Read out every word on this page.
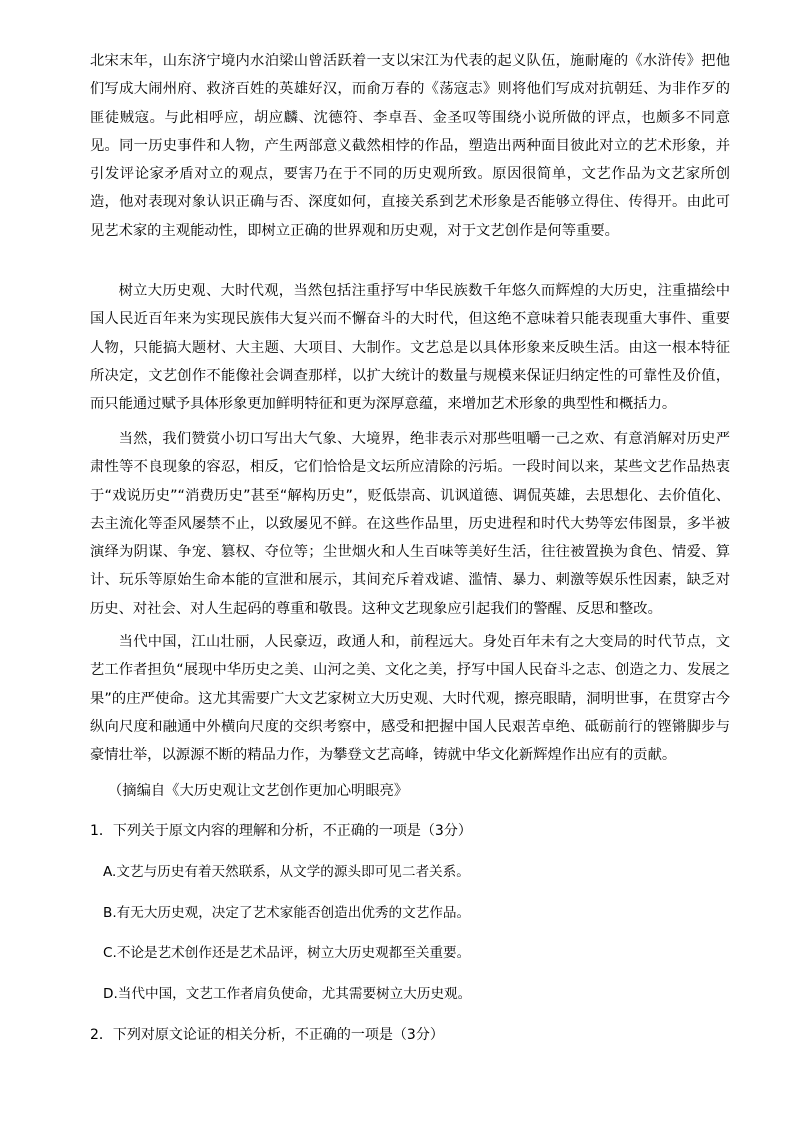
北宋末年，山东济宁境内水泊梁山曾活跃着一支以宋江为代表的起义队伍，施耐庵的《水浒传》把他们写成大闹州府、救济百姓的英雄好汉，而俞万春的《荡寇志》则将他们写成对抗朝廷、为非作歹的匪徒贼寇。与此相呼应，胡应麟、沈德符、李卓吾、金圣叹等围绕小说所做的评点，也颇多不同意见。同一历史事件和人物，产生两部意义截然相悖的作品，塑造出两种面目彼此对立的艺术形象，并引发评论家矛盾对立的观点，要害乃在于不同的历史观所致。原因很简单，文艺作品为文艺家所创造，他对表现对象认识正确与否、深度如何，直接关系到艺术形象是否能够立得住、传得开。由此可见艺术家的主观能动性，即树立正确的世界观和历史观，对于文艺创作是何等重要。

树立大历史观、大时代观，当然包括注重抒写中华民族数千年悠久而辉煌的大历史，注重描绘中国人民近百年来为实现民族伟大复兴而不懈奋斗的大时代，但这绝不意味着只能表现重大事件、重要人物，只能搞大题材、大主题、大项目、大制作。文艺总是以具体形象来反映生活。由这一根本特征所决定，文艺创作不能像社会调查那样，以扩大统计的数量与规模来保证归纳定性的可靠性及价值，而只能通过赋予具体形象更加鲜明特征和更为深厚意蕴，来增加艺术形象的典型性和概括力。

当然，我们赞赏小切口写出大气象、大境界，绝非表示对那些咀嚼一己之欢、有意消解对历史严肃性等不良现象的容忍，相反，它们恰恰是文坛所应清除的污垢。一段时间以来，某些文艺作品热衷于“戏说历史”“消费历史”甚至“解构历史”，贬低崇高、讥讽道德、调侃英雄，去思想化、去价值化、去主流化等歪风屡禁不止，以致屡见不鲜。在这些作品里，历史进程和时代大势等宏伟图景，多半被演绎为阴谋、争宠、篡权、夺位等；尘世烟火和人生百味等美好生活，往往被置换为食色、情爱、算计、玩乐等原始生命本能的宣泄和展示，其间充斥着戏谑、滥情、暴力、刺激等娱乐性因素，缺乏对历史、对社会、对人生起码的尊重和敬畏。这种文艺现象应引起我们的警醒、反思和整改。

当代中国，江山壮丽，人民豪迈，政通人和，前程远大。身处百年未有之大变局的时代节点，文艺工作者担负“展现中华历史之美、山河之美、文化之美，抒写中国人民奋斗之志、创造之力、发展之果”的庄严使命。这尤其需要广大文艺家树立大历史观、大时代观，擦亮眼睛，洞明世事，在贯穿古今纵向尺度和融通中外横向尺度的交织考察中，感受和把握中国人民艰苦卓绝、砥砺前行的铿锵脚步与豪情壮举，以源源不断的精品力作，为攀登文艺高峰，铸就中华文化新辉煌作出应有的贡献。

（摘编自《大历史观让文艺创作更加心明眼亮》

1．下列关于原文内容的理解和分析，不正确的一项是（3分）

A.文艺与历史有着天然联系，从文学的源头即可见二者关系。

B.有无大历史观，决定了艺术家能否创造出优秀的文艺作品。

C.不论是艺术创作还是艺术品评，树立大历史观都至关重要。

D.当代中国，文艺工作者肩负使命，尤其需要树立大历史观。

2．下列对原文论证的相关分析，不正确的一项是（3分）
